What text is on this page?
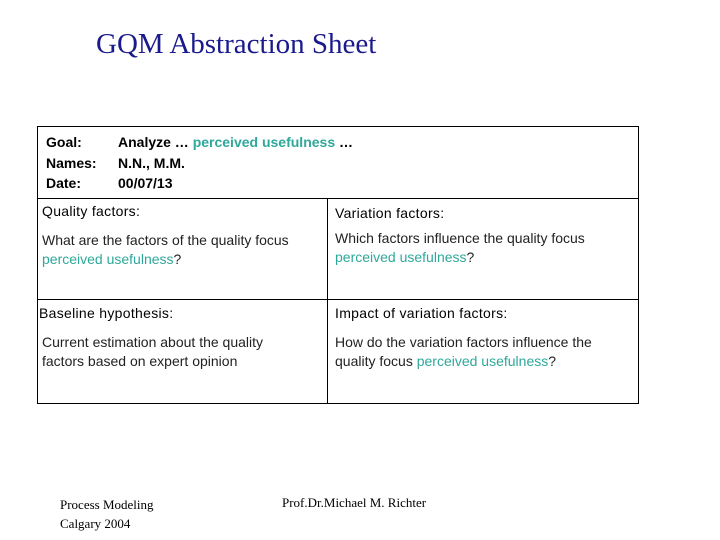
GQM Abstraction Sheet
Goal:	Analyze … perceived usefulness …
Names: N.N., M.M.
Date:	00/07/13
Quality factors:
What are the factors of the quality focus perceived usefulness?
Variation factors:
Which factors influence the quality focus perceived usefulness?
Baseline hypothesis:
Current estimation about the quality factors based on expert opinion
Impact of variation factors:
How do the variation factors influence the quality focus perceived usefulness?
Process Modeling
Calgary 2004
Prof.Dr.Michael M. Richter
